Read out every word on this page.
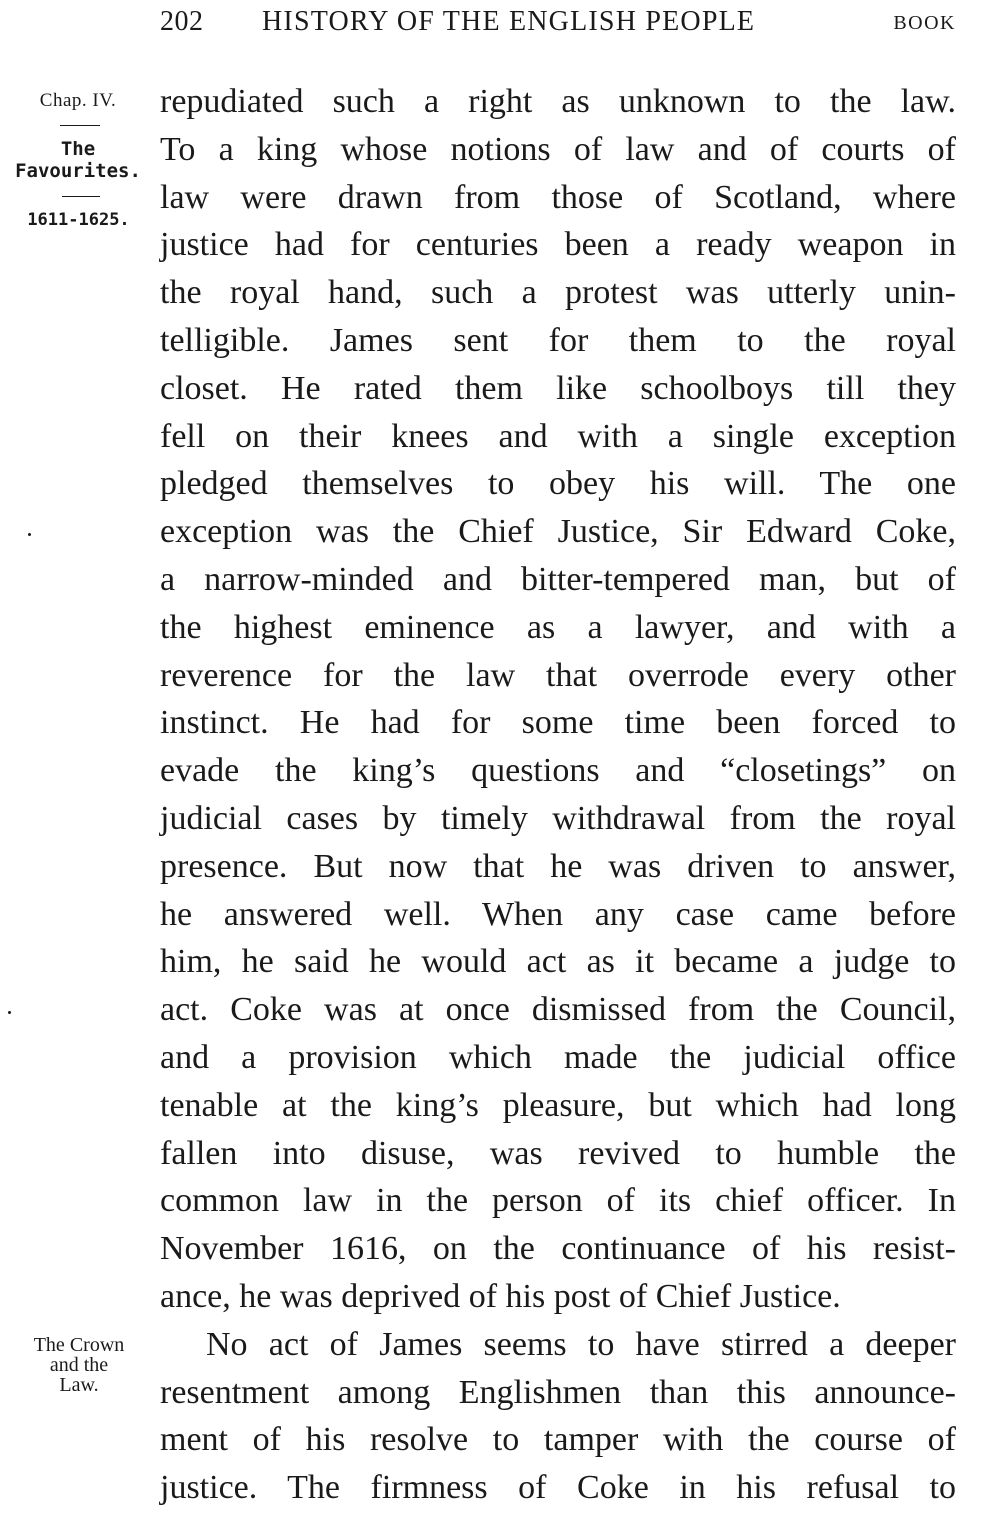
202 HISTORY OF THE ENGLISH PEOPLE	BOOK
Chap. IV.
The
Favourites.
1611-1625.
The Crown
and the
Law.
repudiated such a right as unknown to the law.
To a king whose notions of law and of courts of
law were drawn from those of Scotland, where
justice had for centuries been a ready weapon in
the royal hand, such a protest was utterly unin-
telligible. James sent for them to the royal
closet. He rated them like schoolboys till they
fell on their knees and with a single exception
pledged themselves to obey his will. The one
exception was the Chief Justice, Sir Edward Coke,
a narrow-minded and bitter-tempered man, but of
the highest eminence as a lawyer, and with a
reverence for the law that overrode every other
instinct. He had for some time been forced to
evade the king’s questions and “closetings” on
judicial cases by timely withdrawal from the royal
presence. But now that he was driven to answer,
he answered well. When any case came before
him, he said he would act as it became a judge to
act. Coke was at once dismissed from the Council,
and a provision which made the judicial office
tenable at the king’s pleasure, but which had long
fallen into disuse, was revived to humble the
common law in the person of its chief officer. In
November 1616, on the continuance of his resist-
ance, he was deprived of his post of Chief Justice.
No act of James seems to have stirred a deeper
resentment among Englishmen than this announce-
ment of his resolve to tamper with the course of
justice. The firmness of Coke in his refusal to
